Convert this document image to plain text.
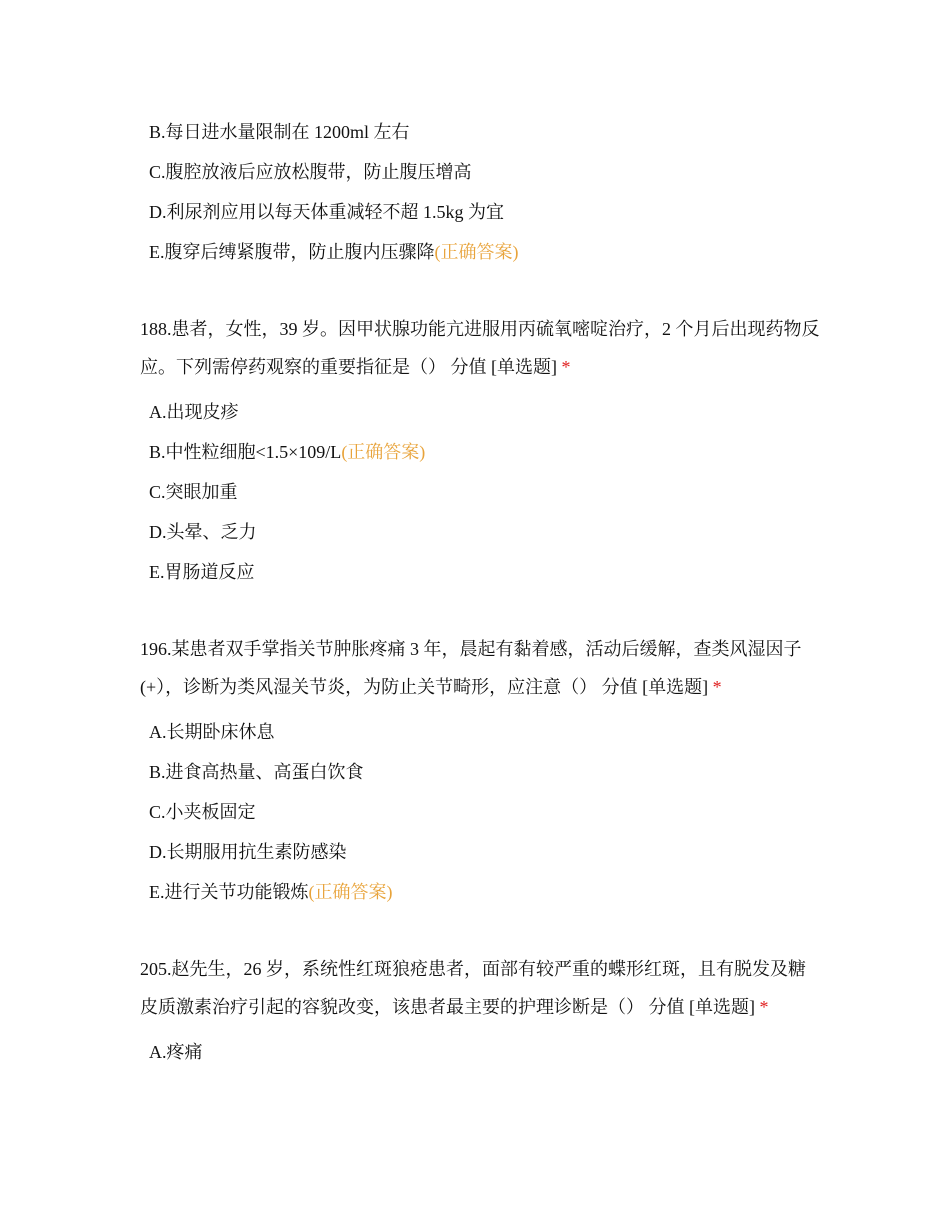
B.每日进水量限制在 1200ml 左右
C.腹腔放液后应放松腹带，防止腹压增高
D.利尿剂应用以每天体重减轻不超 1.5kg 为宜
E.腹穿后缚紧腹带，防止腹内压骤降(正确答案)
188.患者，女性，39 岁。因甲状腺功能亢进服用丙硫氧嘧啶治疗，2 个月后出现药物反应。下列需停药观察的重要指征是（） 分值 [单选题] *
A.出现皮疹
B.中性粒细胞<1.5×109/L(正确答案)
C.突眼加重
D.头晕、乏力
E.胃肠道反应
196.某患者双手掌指关节肿胀疼痛 3 年，晨起有黏着感，活动后缓解，查类风湿因子(+），诊断为类风湿关节炎，为防止关节畸形，应注意（） 分值 [单选题] *
A.长期卧床休息
B.进食高热量、高蛋白饮食
C.小夹板固定
D.长期服用抗生素防感染
E.进行关节功能锻炼(正确答案)
205.赵先生，26 岁，系统性红斑狼疮患者，面部有较严重的蝶形红斑，且有脱发及糖皮质激素治疗引起的容貌改变，该患者最主要的护理诊断是（） 分值 [单选题] *
A.疼痛
